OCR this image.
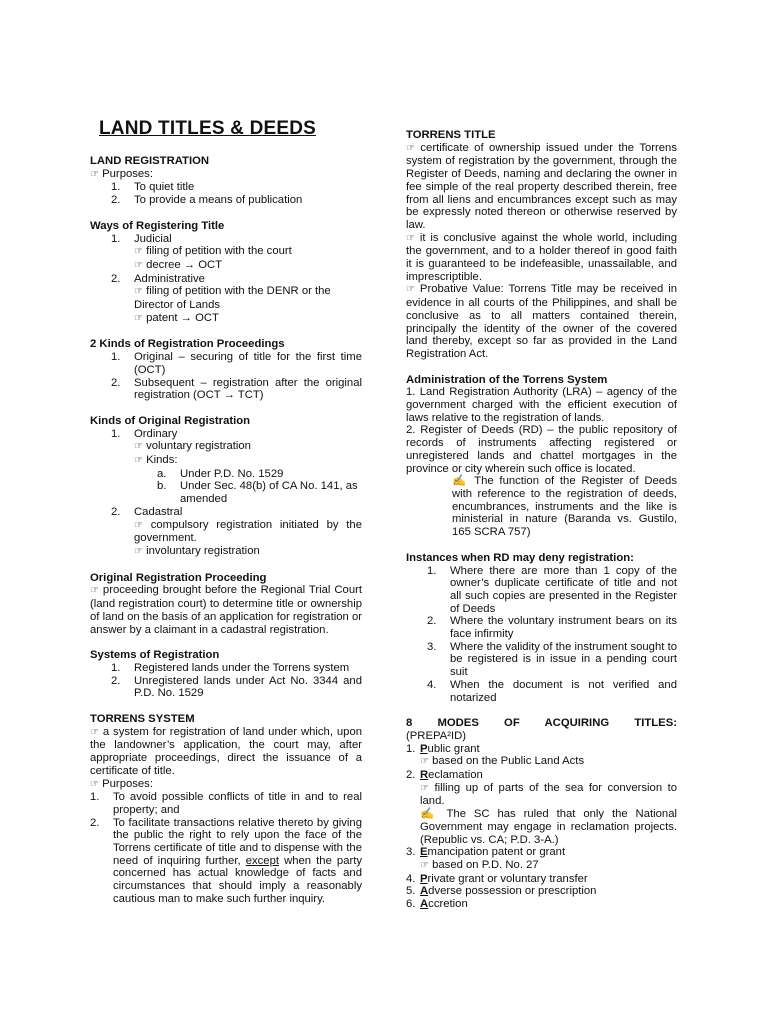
LAND TITLES & DEEDS
LAND REGISTRATION
☞ Purposes:
1.	To quiet title
2.	To provide a means of publication
Ways of Registering Title
1.	Judicial
☞ filing of petition with the court
☞ decree → OCT
2.	Administrative
☞ filing of petition with the DENR or the Director of Lands
☞ patent → OCT
2 Kinds of Registration Proceedings
1.	Original – securing of title for the first time (OCT)
2.	Subsequent – registration after the original registration (OCT → TCT)
Kinds of Original Registration
1.	Ordinary
☞ voluntary registration
☞ Kinds:
a.	Under P.D. No. 1529
b.	Under Sec. 48(b) of CA No. 141, as amended
2.	Cadastral
☞ compulsory registration initiated by the government.
☞ involuntary registration
Original Registration Proceeding
☞ proceeding brought before the Regional Trial Court (land registration court) to determine title or ownership of land on the basis of an application for registration or answer by a claimant in a cadastral registration.
Systems of Registration
1.	Registered lands under the Torrens system
2.	Unregistered lands under Act No. 3344 and P.D. No. 1529
TORRENS SYSTEM
☞ a system for registration of land under which, upon the landowner’s application, the court may, after appropriate proceedings, direct the issuance of a certificate of title.
☞ Purposes:
1.	To avoid possible conflicts of title in and to real property; and
2.	To facilitate transactions relative thereto by giving the public the right to rely upon the face of the Torrens certificate of title and to dispense with the need of inquiring further, except when the party concerned has actual knowledge of facts and circumstances that should imply a reasonably cautious man to make such further inquiry.
TORRENS TITLE
☞ certificate of ownership issued under the Torrens system of registration by the government, through the Register of Deeds, naming and declaring the owner in fee simple of the real property described therein, free from all liens and encumbrances except such as may be expressly noted thereon or otherwise reserved by law.
☞ it is conclusive against the whole world, including the government, and to a holder thereof in good faith it is guaranteed to be indefeasible, unassailable, and imprescriptible.
☞ Probative Value: Torrens Title may be received in evidence in all courts of the Philippines, and shall be conclusive as to all matters contained therein, principally the identity of the owner of the covered land thereby, except so far as provided in the Land Registration Act.
Administration of the Torrens System
1. Land Registration Authority (LRA) – agency of the government charged with the efficient execution of laws relative to the registration of lands.
2. Register of Deeds (RD) – the public repository of records of instruments affecting registered or unregistered lands and chattel mortgages in the province or city wherein such office is located.
✍ The function of the Register of Deeds with reference to the registration of deeds, encumbrances, instruments and the like is ministerial in nature (Baranda vs. Gustilo, 165 SCRA 757)
Instances when RD may deny registration:
1.	Where there are more than 1 copy of the owner’s duplicate certificate of title and not all such copies are presented in the Register of Deeds
2.	Where the voluntary instrument bears on its face infirmity
3.	Where the validity of the instrument sought to be registered is in issue in a pending court suit
4.	When the document is not verified and notarized
8 MODES OF ACQUIRING TITLES:
(PREPA²ID)
1. Public grant
☞ based on the Public Land Acts
2. Reclamation
☞ filling up of parts of the sea for conversion to land.
✍ The SC has ruled that only the National Government may engage in reclamation projects. (Republic vs. CA; P.D. 3-A.)
3. Emancipation patent or grant
☞ based on P.D. No. 27
4. Private grant or voluntary transfer
5. Adverse possession or prescription
6. Accretion
